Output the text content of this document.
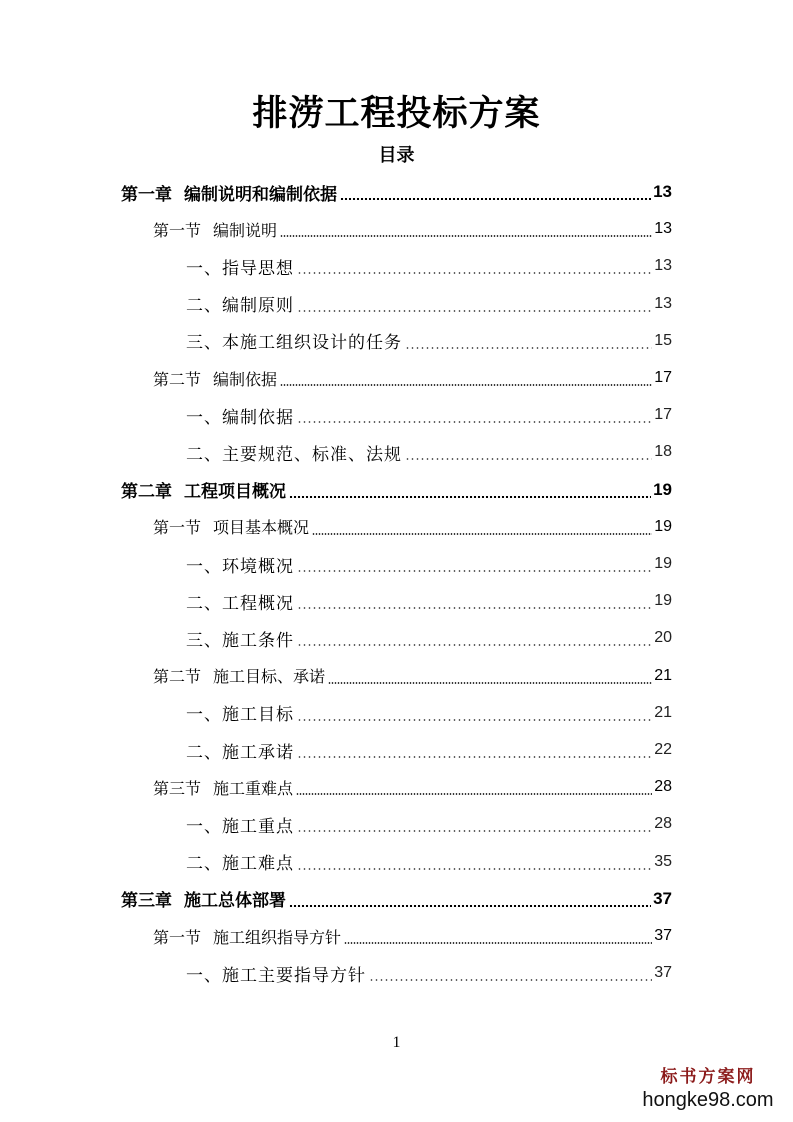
排涝工程投标方案
目录
第一章 编制说明和编制依据	13
第一节 编制说明	13
一、指导思想	13
二、编制原则	13
三、本施工组织设计的任务	15
第二节 编制依据	17
一、编制依据	17
二、主要规范、标准、法规	18
第二章 工程项目概况	19
第一节 项目基本概况	19
一、环境概况	19
二、工程概况	19
三、施工条件	20
第二节 施工目标、承诺	21
一、施工目标	21
二、施工承诺	22
第三节 施工重难点	28
一、施工重点	28
二、施工难点	35
第三章 施工总体部署	37
第一节 施工组织指导方针	37
一、施工主要指导方针	37
1
标书方案网
hongke98.com
